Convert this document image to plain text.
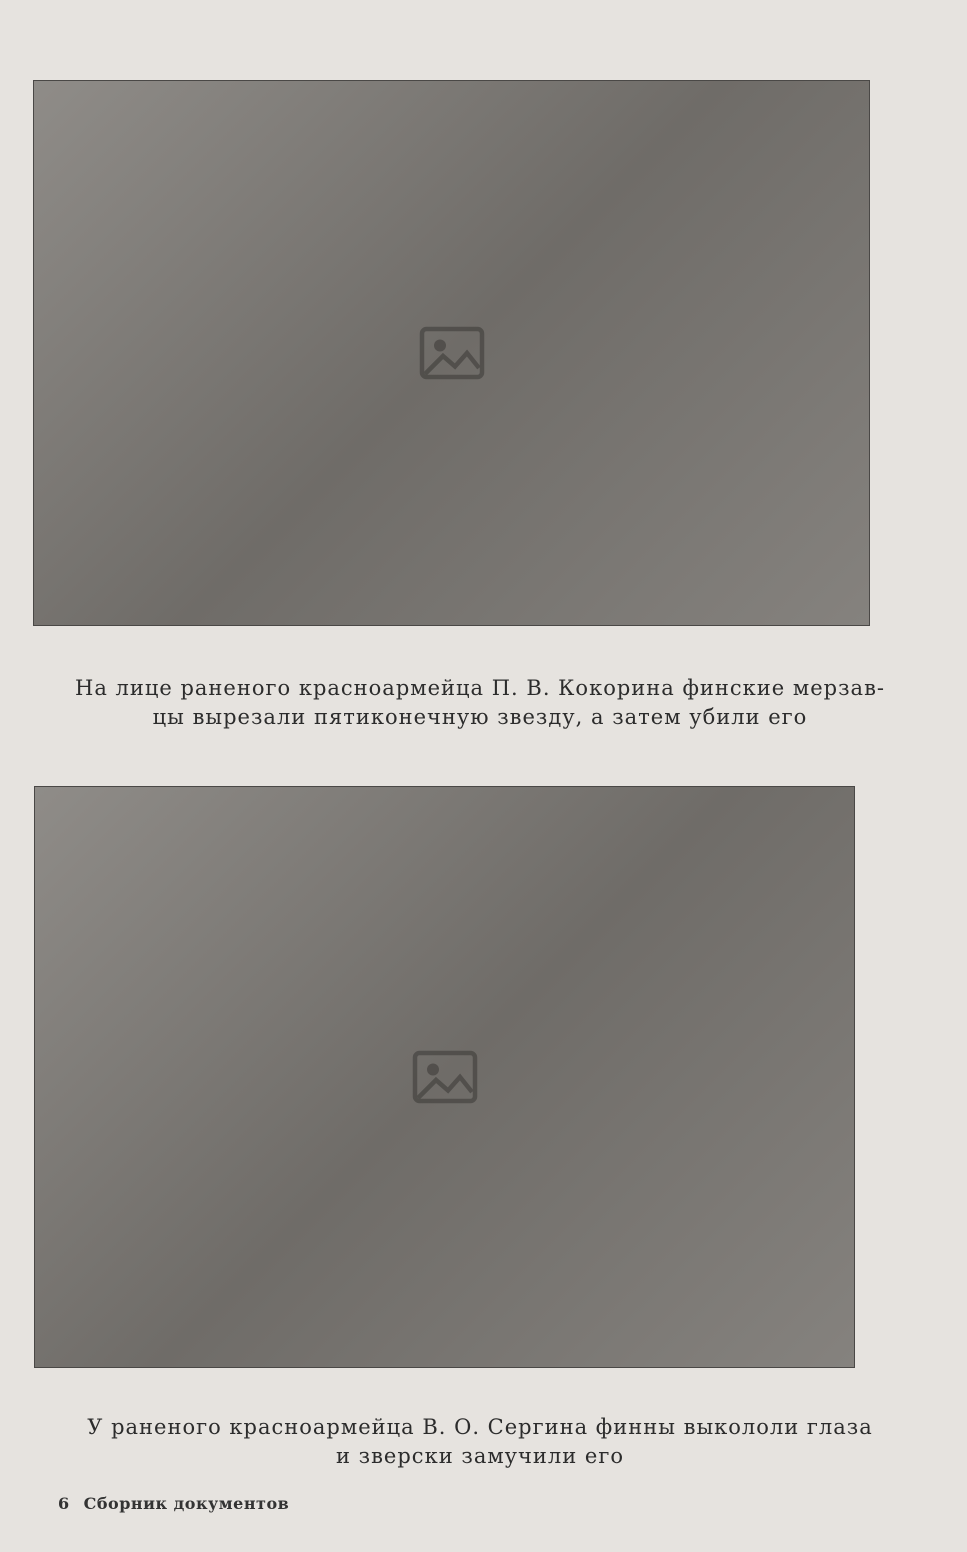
На лице раненого красноармейца П. В. Кокорина финские мерзав-
цы вырезали пятиконечную звезду, а затем убили его
У раненого красноармейца В. О. Сергина финны выкололи глаза
и зверски замучили его
6 Сборник документов
